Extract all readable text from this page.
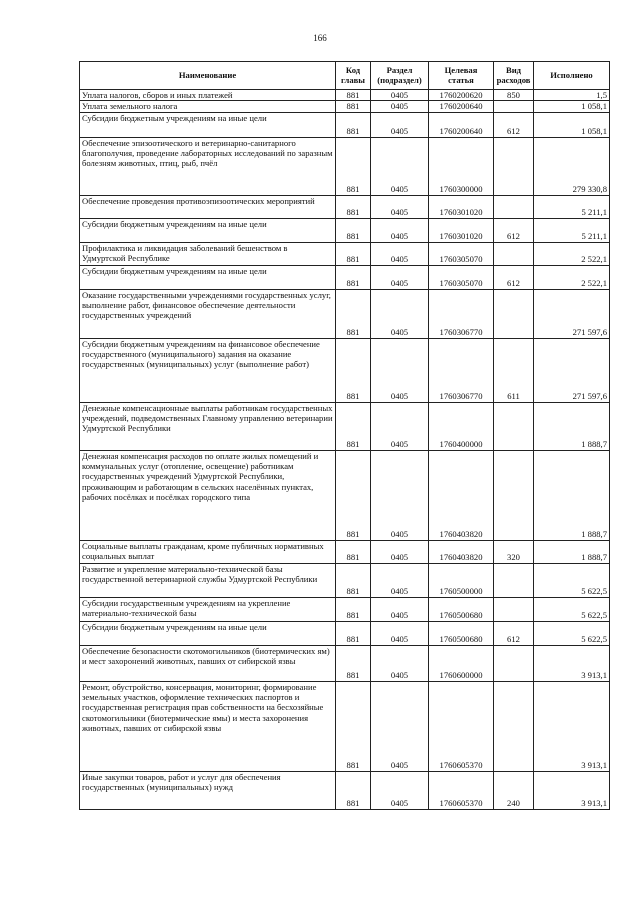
166
Наименование	Код главы	Раздел (подраздел)	Целевая статья	Вид расходов	Исполнено
Уплата налогов, сборов и иных платежей	881	0405	1760200620	850	1,5
Уплата земельного налога	881	0405	1760200640		1 058,1
Субсидии бюджетным учреждениям на иные цели	881	0405	1760200640	612	1 058,1
Обеспечение эпизоотического и ветеринарно-санитарного благополучия, проведение лабораторных исследований по заразным болезням животных, птиц, рыб, пчёл	881	0405	1760300000		279 330,8
Обеспечение проведения противоэпизоотических мероприятий	881	0405	1760301020		5 211,1
Субсидии бюджетным учреждениям на иные цели	881	0405	1760301020	612	5 211,1
Профилактика и ликвидация заболеваний бешенством в Удмуртской Республике	881	0405	1760305070		2 522,1
Субсидии бюджетным учреждениям на иные цели	881	0405	1760305070	612	2 522,1
Оказание государственными учреждениями государственных услуг, выполнение работ, финансовое обеспечение деятельности государственных учреждений	881	0405	1760306770		271 597,6
Субсидии бюджетным учреждениям на финансовое обеспечение государственного (муниципального) задания на оказание государственных (муниципальных) услуг (выполнение работ)	881	0405	1760306770	611	271 597,6
Денежные компенсационные выплаты работникам государственных учреждений, подведомственных Главному управлению ветеринарии Удмуртской Республики	881	0405	1760400000		1 888,7
Денежная компенсация расходов по оплате жилых помещений и коммунальных услуг (отопление, освещение) работникам государственных учреждений Удмуртской Республики, проживающим и работающим в сельских населённых пунктах, рабочих посёлках и посёлках городского типа	881	0405	1760403820		1 888,7
Социальные выплаты гражданам, кроме публичных нормативных социальных выплат	881	0405	1760403820	320	1 888,7
Развитие и укрепление материально-технической базы государственной ветеринарной службы Удмуртской Республики	881	0405	1760500000		5 622,5
Субсидии государственным учреждениям на укрепление материально-технической базы	881	0405	1760500680		5 622,5
Субсидии бюджетным учреждениям на иные цели	881	0405	1760500680	612	5 622,5
Обеспечение безопасности скотомогильников (биотермических ям) и мест захоронений животных, павших от сибирской язвы	881	0405	1760600000		3 913,1
Ремонт, обустройство, консервация, мониторинг, формирование земельных участков, оформление технических паспортов и государственная регистрация прав собственности на бесхозяйные скотомогильники (биотермические ямы) и места захоронения животных, павших от сибирской язвы	881	0405	1760605370		3 913,1
Иные закупки товаров, работ и услуг для обеспечения государственных (муниципальных) нужд	881	0405	1760605370	240	3 913,1
